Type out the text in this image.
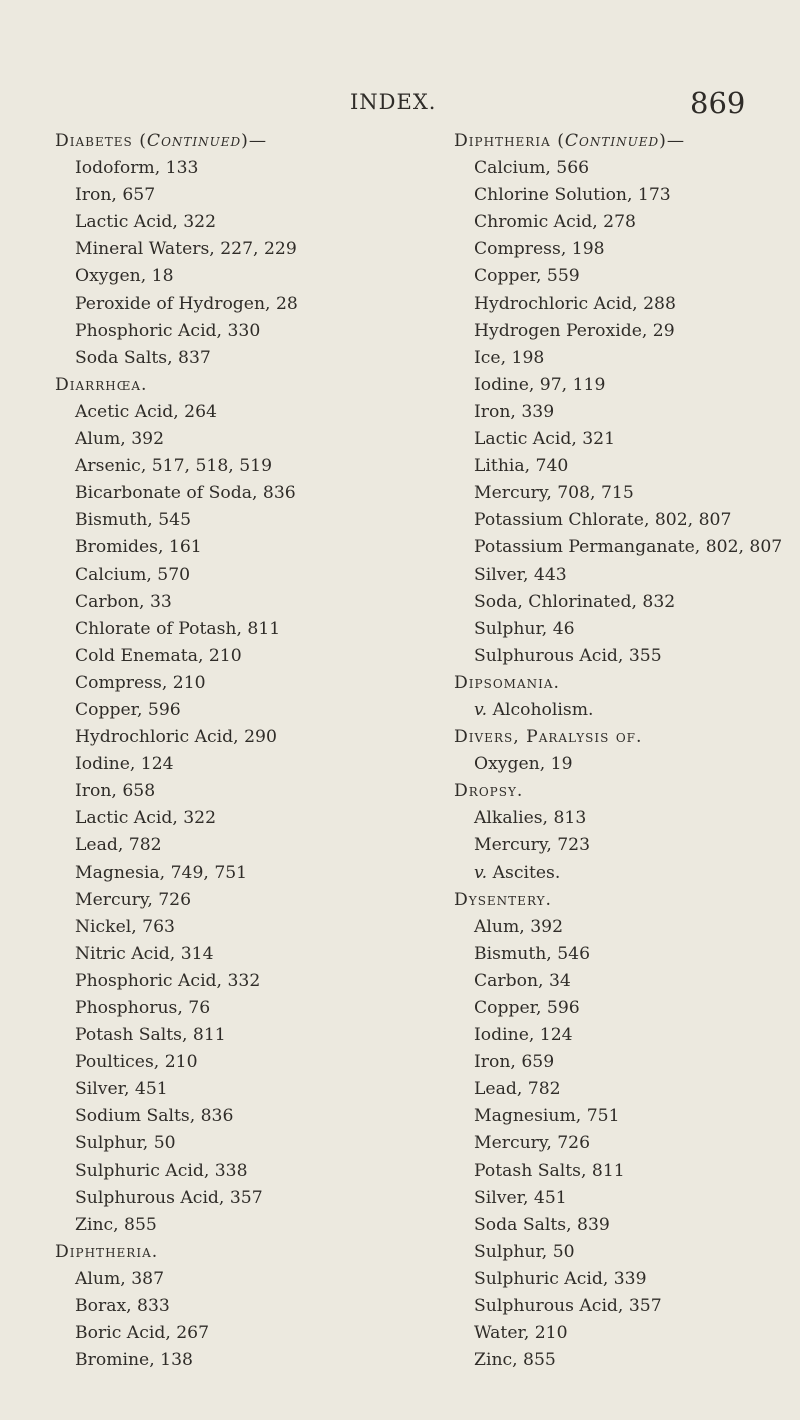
INDEX.	869
Diabetes (Continued)—
Iodoform, 133
Iron, 657
Lactic Acid, 322
Mineral Waters, 227, 229
Oxygen, 18
Peroxide of Hydrogen, 28
Phosphoric Acid, 330
Soda Salts, 837
Diarrhœa.
Acetic Acid, 264
Alum, 392
Arsenic, 517, 518, 519
Bicarbonate of Soda, 836
Bismuth, 545
Bromides, 161
Calcium, 570
Carbon, 33
Chlorate of Potash, 811
Cold Enemata, 210
Compress, 210
Copper, 596
Hydrochloric Acid, 290
Iodine, 124
Iron, 658
Lactic Acid, 322
Lead, 782
Magnesia, 749, 751
Mercury, 726
Nickel, 763
Nitric Acid, 314
Phosphoric Acid, 332
Phosphorus, 76
Potash Salts, 811
Poultices, 210
Silver, 451
Sodium Salts, 836
Sulphur, 50
Sulphuric Acid, 338
Sulphurous Acid, 357
Zinc, 855
Diphtheria.
Alum, 387
Borax, 833
Boric Acid, 267
Bromine, 138
Diphtheria (Continued)—
Calcium, 566
Chlorine Solution, 173
Chromic Acid, 278
Compress, 198
Copper, 559
Hydrochloric Acid, 288
Hydrogen Peroxide, 29
Ice, 198
Iodine, 97, 119
Iron, 339
Lactic Acid, 321
Lithia, 740
Mercury, 708, 715
Potassium Chlorate, 802, 807
Potassium Permanganate, 802, 807
Silver, 443
Soda, Chlorinated, 832
Sulphur, 46
Sulphurous Acid, 355
Dipsomania.
v. Alcoholism.
Divers, Paralysis of.
Oxygen, 19
Dropsy.
Alkalies, 813
Mercury, 723
v. Ascites.
Dysentery.
Alum, 392
Bismuth, 546
Carbon, 34
Copper, 596
Iodine, 124
Iron, 659
Lead, 782
Magnesium, 751
Mercury, 726
Potash Salts, 811
Silver, 451
Soda Salts, 839
Sulphur, 50
Sulphuric Acid, 339
Sulphurous Acid, 357
Water, 210
Zinc, 855
